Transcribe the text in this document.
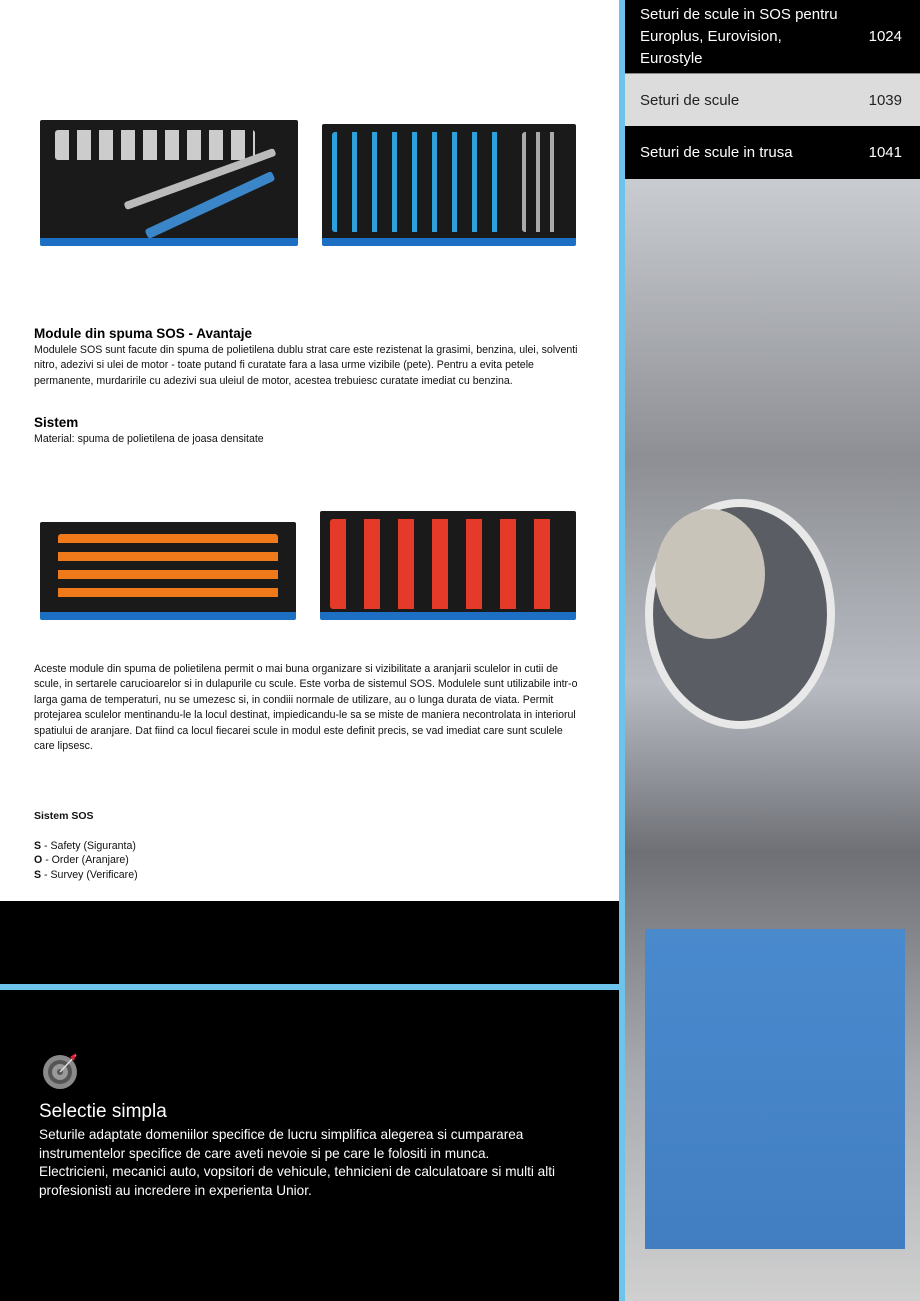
Module din spuma SOS - Avantaje
Modulele SOS sunt facute din spuma de polietilena dublu strat care este rezistenat la grasimi, benzina, ulei, solventi nitro, adezivi si ulei de motor - toate putand fi curatate fara a lasa urme vizibile (pete). Pentru a evita petele permanente, murdaririle cu adezivi sua uleiul de motor, acestea trebuiesc curatate imediat cu benzina.
Sistem
Material: spuma de polietilena de joasa densitate
Aceste module din spuma de polietilena permit o mai buna organizare si vizibilitate a aranjarii sculelor in cutii de scule, in sertarele carucioarelor si in dulapurile cu scule. Este vorba de sistemul SOS. Modulele sunt utilizabile intr-o larga gama de temperaturi, nu se umezesc si, in condiii normale de utilizare, au o lunga durata de viata. Permit protejarea sculelor mentinandu-le la locul destinat, impiedicandu-le sa se miste de maniera necontrolata in interiorul spatiului de aranjare. Dat fiind ca locul fiecarei scule in modul este definit precis, se vad imediat care sunt sculele care lipsesc.
Sistem SOS
S - Safety (Siguranta)
O - Order (Aranjare)
S - Survey (Verificare)
Selectie simpla
Seturile adaptate domeniilor specifice de lucru simplifica alegerea si cumpararea instrumentelor specifice de care aveti nevoie si pe care le folositi in munca. Electricieni, mecanici auto, vopsitori de vehicule, tehnicieni de calculatoare si multi alti profesionisti au incredere in experienta Unior.
Seturi de scule in SOS pentru Europlus, Eurovision, Eurostyle
1024
Seturi de scule	1039
Seturi de scule in trusa	1041
